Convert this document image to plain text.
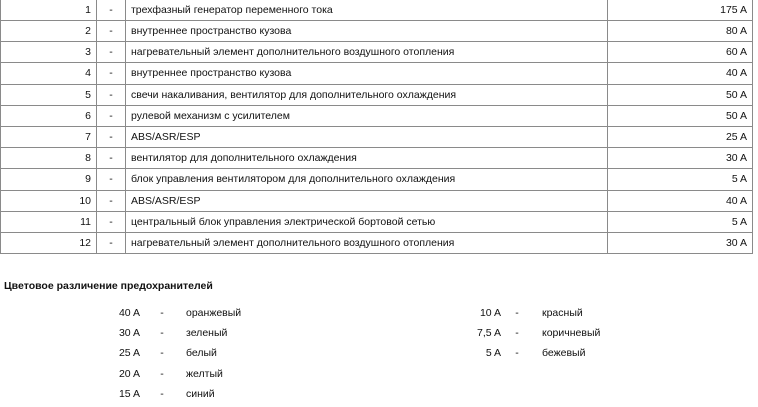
1	-	трехфазный генератор переменного тока	175 A
2	-	внутреннее пространство кузова	80 A
3	-	нагревательный элемент дополнительного воздушного отопления	60 A
4	-	внутреннее пространство кузова	40 A
5	-	свечи накаливания, вентилятор для дополнительного охлаждения	50 A
6	-	рулевой механизм с усилителем	50 A
7	-	ABS/ASR/ESP	25 A
8	-	вентилятор для дополнительного охлаждения	30 A
9	-	блок управления вентилятором для дополнительного охлаждения	5 A
10	-	ABS/ASR/ESP	40 A
11	-	центральный блок управления электрической бортовой сетью	5 A
12	-	нагревательный элемент дополнительного воздушного отопления	30 A
Цветовое различение предохранителей
40 A	-	оранжевый
30 A	-	зеленый
25 A	-	белый
20 A	-	желтый
15 A	-	синий
10 A	-	красный
7,5 A	-	коричневый
5 A	-	бежевый
